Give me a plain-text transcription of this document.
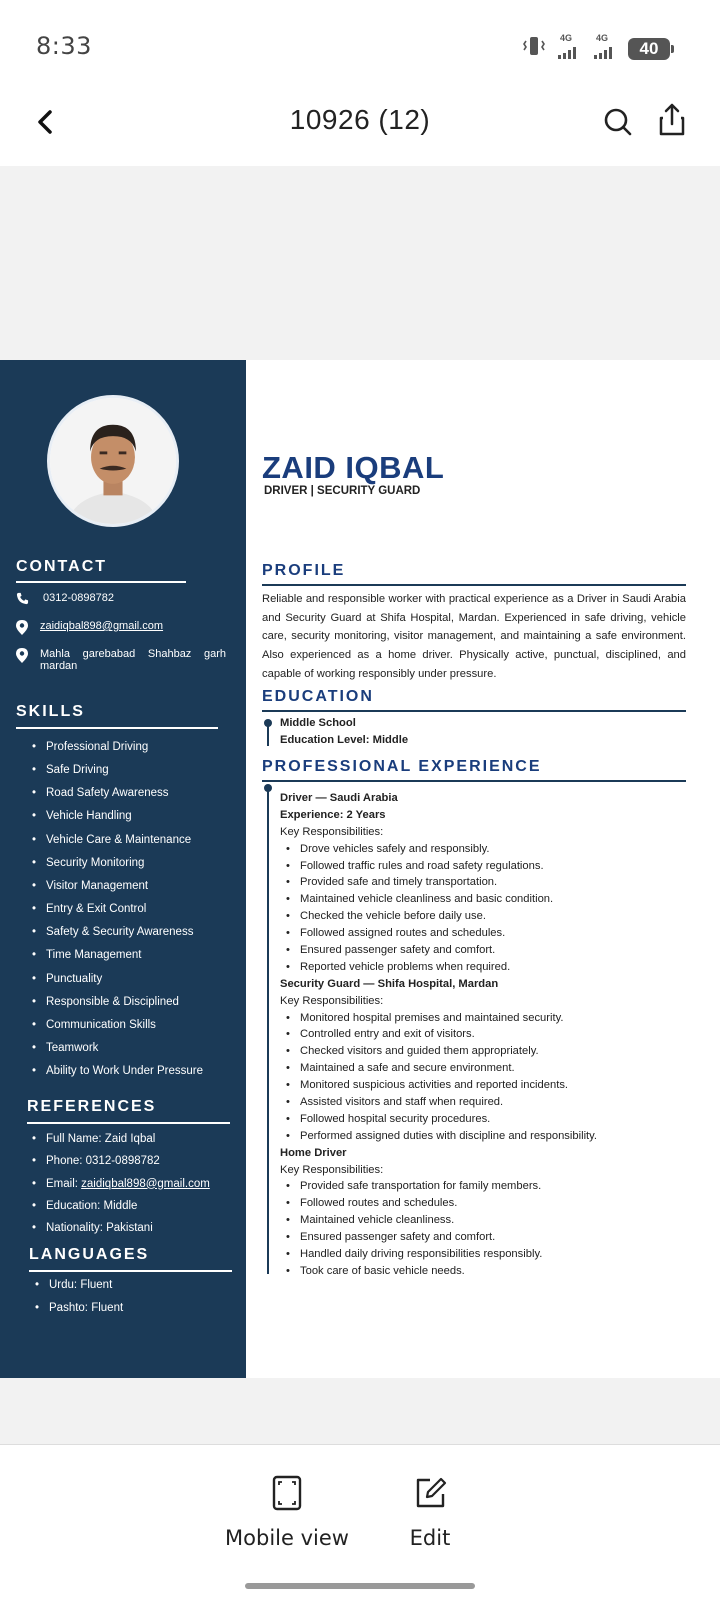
8:33	4G	4G
40
10926 (12)
CONTACT
0312-0898782
zaidiqbal898@gmail.com
Mahla garebabad Shahbaz garh
mardan
SKILLS
• Professional Driving
• Safe Driving
• Road Safety Awareness
• Vehicle Handling
• Vehicle Care & Maintenance
• Security Monitoring
• Visitor Management
• Entry & Exit Control
• Safety & Security Awareness
• Time Management
• Punctuality
• Responsible & Disciplined
• Communication Skills
• Teamwork
• Ability to Work Under Pressure
REFERENCES
• Full Name: Zaid Iqbal
• Phone: 0312-0898782
• Email: zaidiqbal898@gmail.com
• Education: Middle
• Nationality: Pakistani
LANGUAGES
• Urdu: Fluent
• Pashto: Fluent
ZAID IQBAL
DRIVER | SECURITY GUARD
PROFILE
Reliable and responsible worker with practical experience as a Driver in Saudi Arabia and Security Guard at Shifa Hospital, Mardan. Experienced in safe driving, vehicle care, security monitoring, visitor management, and maintaining a safe environment. Also experienced as a home driver. Physically active, punctual, disciplined, and capable of working responsibly under pressure.
EDUCATION
Middle School
Education Level: Middle
PROFESSIONAL EXPERIENCE
Driver — Saudi Arabia
Experience: 2 Years
Key Responsibilities:
• Drove vehicles safely and responsibly.
• Followed traffic rules and road safety regulations.
• Provided safe and timely transportation.
• Maintained vehicle cleanliness and basic condition.
• Checked the vehicle before daily use.
• Followed assigned routes and schedules.
• Ensured passenger safety and comfort.
• Reported vehicle problems when required.
Security Guard — Shifa Hospital, Mardan
Key Responsibilities:
• Monitored hospital premises and maintained security.
• Controlled entry and exit of visitors.
• Checked visitors and guided them appropriately.
• Maintained a safe and secure environment.
• Monitored suspicious activities and reported incidents.
• Assisted visitors and staff when required.
• Followed hospital security procedures.
• Performed assigned duties with discipline and responsibility.
Home Driver
Key Responsibilities:
• Provided safe transportation for family members.
• Followed routes and schedules.
• Maintained vehicle cleanliness.
• Ensured passenger safety and comfort.
• Handled daily driving responsibilities responsibly.
• Took care of basic vehicle needs.
Mobile view	Edit
